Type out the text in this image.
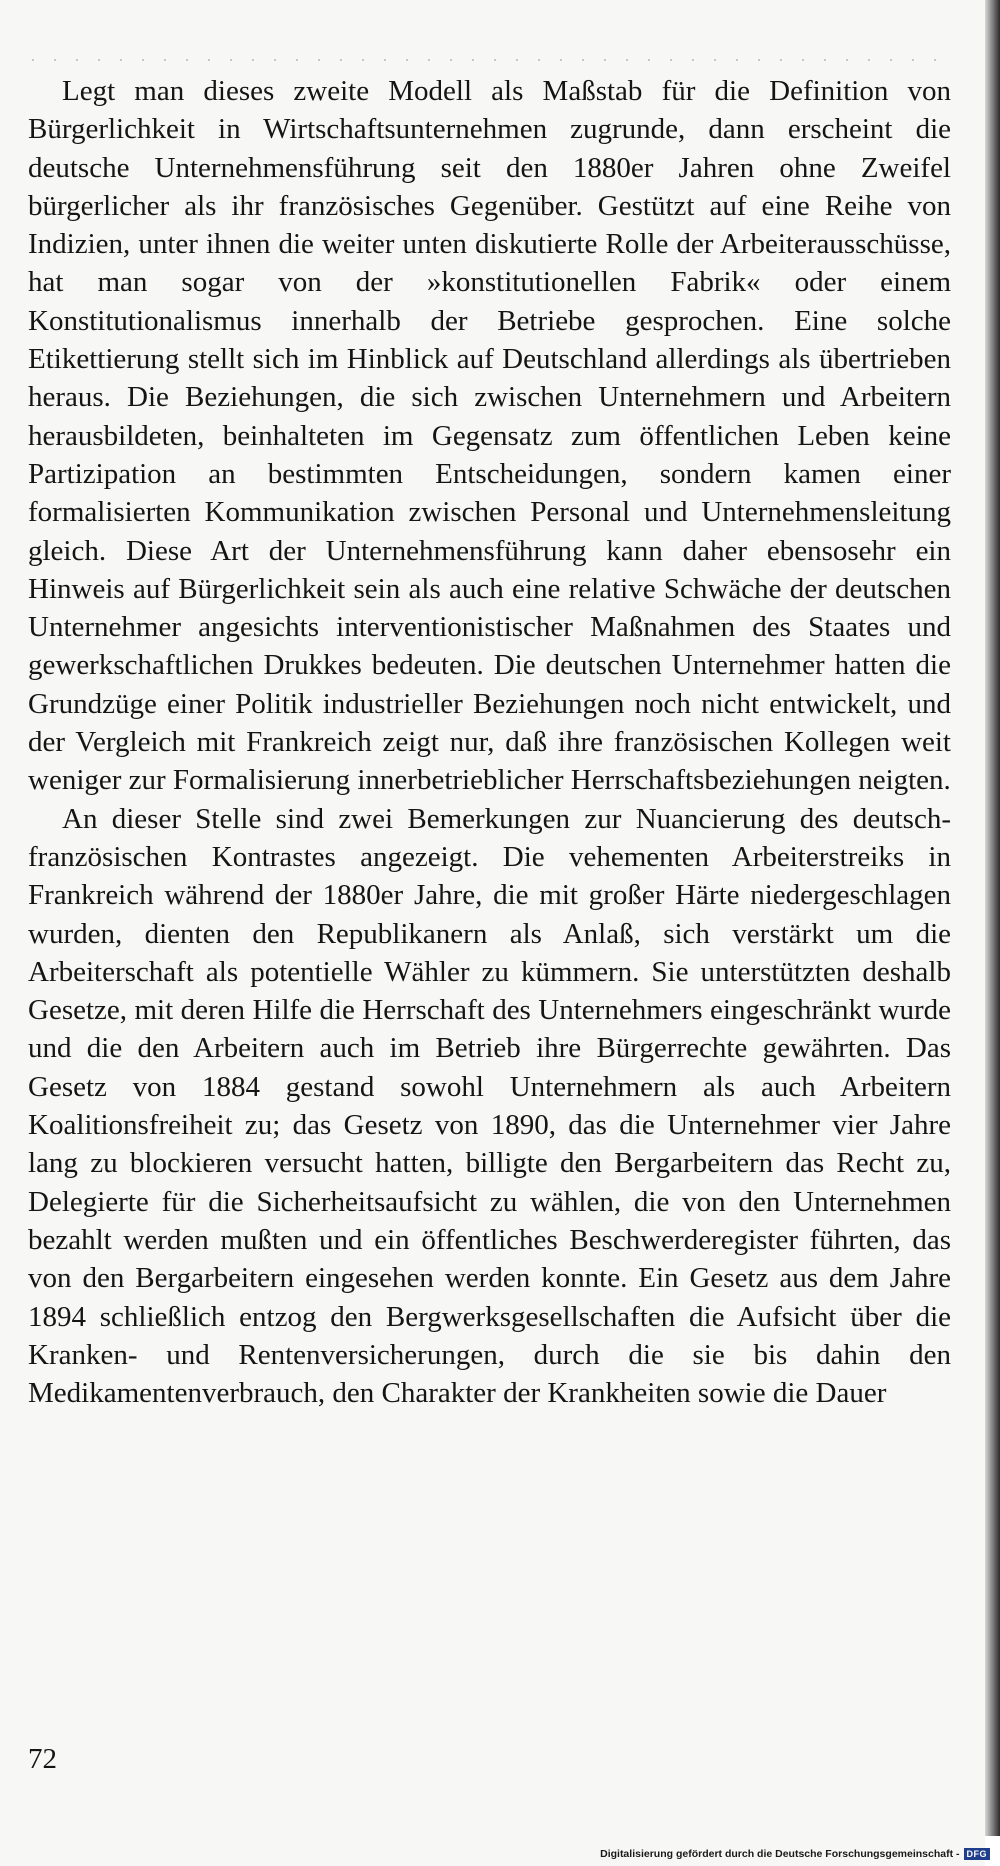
Legt man dieses zweite Modell als Maßstab für die Definition von Bürgerlichkeit in Wirtschaftsunternehmen zugrunde, dann erscheint die deutsche Unternehmensführung seit den 1880er Jahren ohne Zweifel bürgerlicher als ihr französisches Gegenüber. Gestützt auf eine Reihe von Indizien, unter ihnen die weiter unten diskutierte Rolle der Arbeiterausschüsse, hat man sogar von der »konstitutionellen Fabrik« oder einem Konstitutionalismus innerhalb der Betriebe gesprochen. Eine solche Etikettierung stellt sich im Hinblick auf Deutschland allerdings als übertrieben heraus. Die Beziehungen, die sich zwischen Unternehmern und Arbeitern herausbildeten, beinhalteten im Gegensatz zum öffentlichen Leben keine Partizipation an bestimmten Entscheidungen, sondern kamen einer formalisierten Kommunikation zwischen Personal und Unternehmensleitung gleich. Diese Art der Unternehmensführung kann daher ebensosehr ein Hinweis auf Bürgerlichkeit sein als auch eine relative Schwäche der deutschen Unternehmer angesichts interventionistischer Maßnahmen des Staates und gewerkschaftlichen Drukkes bedeuten. Die deutschen Unternehmer hatten die Grundzüge einer Politik industrieller Beziehungen noch nicht entwickelt, und der Vergleich mit Frankreich zeigt nur, daß ihre französischen Kollegen weit weniger zur Formalisierung innerbetrieblicher Herrschaftsbeziehungen neigten.

An dieser Stelle sind zwei Bemerkungen zur Nuancierung des deutsch-französischen Kontrastes angezeigt. Die vehementen Arbeiterstreiks in Frankreich während der 1880er Jahre, die mit großer Härte niedergeschlagen wurden, dienten den Republikanern als Anlaß, sich verstärkt um die Arbeiterschaft als potentielle Wähler zu kümmern. Sie unterstützten deshalb Gesetze, mit deren Hilfe die Herrschaft des Unternehmers eingeschränkt wurde und die den Arbeitern auch im Betrieb ihre Bürgerrechte gewährten. Das Gesetz von 1884 gestand sowohl Unternehmern als auch Arbeitern Koalitionsfreiheit zu; das Gesetz von 1890, das die Unternehmer vier Jahre lang zu blockieren versucht hatten, billigte den Bergarbeitern das Recht zu, Delegierte für die Sicherheitsaufsicht zu wählen, die von den Unternehmen bezahlt werden mußten und ein öffentliches Beschwerderegister führten, das von den Bergarbeitern eingesehen werden konnte. Ein Gesetz aus dem Jahre 1894 schließlich entzog den Bergwerksgesellschaften die Aufsicht über die Kranken- und Rentenversicherungen, durch die sie bis dahin den Medikamentenverbrauch, den Charakter der Krankheiten sowie die Dauer

72
Digitalisierung gefördert durch die Deutsche Forschungsgemeinschaft - DFG
